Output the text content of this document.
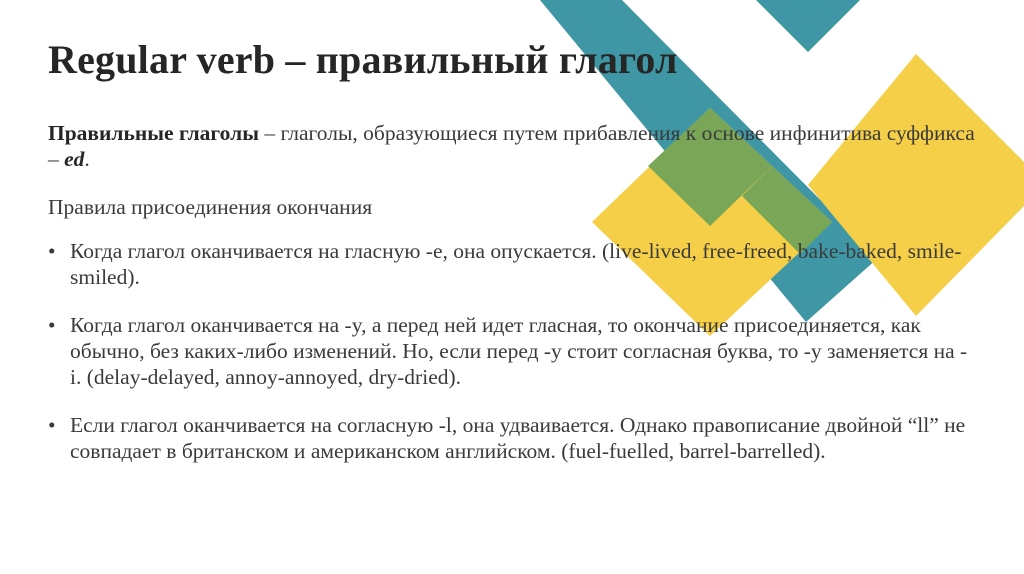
Regular verb – правильный глагол

Правильные глаголы – глаголы, образующиеся путем прибавления к основе инфинитива суффикса – ed.

Правила присоединения окончания

• Когда глагол оканчивается на гласную -e, она опускается. (live-lived, free-freed, bake-baked, smile-smiled).
• Когда глагол оканчивается на -y, а перед ней идет гласная, то окончание присоединяется, как обычно, без каких-либо изменений. Но, если перед -y стоит согласная буква, то -y заменяется на -i. (delay-delayed, annoy-annoyed, dry-dried).
• Если глагол оканчивается на согласную -l, она удваивается. Однако правописание двойной “ll” не совпадает в британском и американском английском. (fuel-fuelled, barrel-barrelled).
